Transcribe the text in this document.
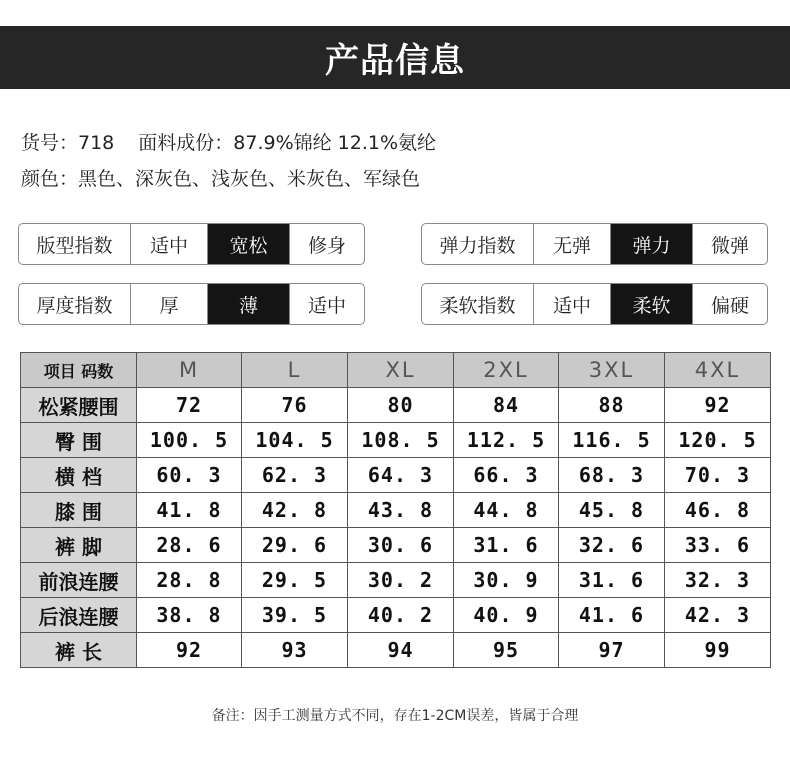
产品信息
货号：718 面料成份：87.9%锦纶 12.1%氨纶
颜色：黑色、深灰色、浅灰色、米灰色、军绿色
版型指数	适中	宽松	修身	弹力指数	无弹	弹力	微弹
厚度指数	厚	薄	适中	柔软指数	适中	柔软	偏硬
项目 码数	M	L	XL	2XL	3XL	4XL
松紧腰围	72	76	80	84	88	92
臀 围	100. 5	104. 5	108. 5	112. 5	116. 5	120. 5
横 档	60. 3	62. 3	64. 3	66. 3	68. 3	70. 3
膝 围	41. 8	42. 8	43. 8	44. 8	45. 8	46. 8
裤 脚	28. 6	29. 6	30. 6	31. 6	32. 6	33. 6
前浪连腰	28. 8	29. 5	30. 2	30. 9	31. 6	32. 3
后浪连腰	38. 8	39. 5	40. 2	40. 9	41. 6	42. 3
裤 长	92	93	94	95	97	99
备注：因手工测量方式不同，存在1-2CM误差，皆属于合理
